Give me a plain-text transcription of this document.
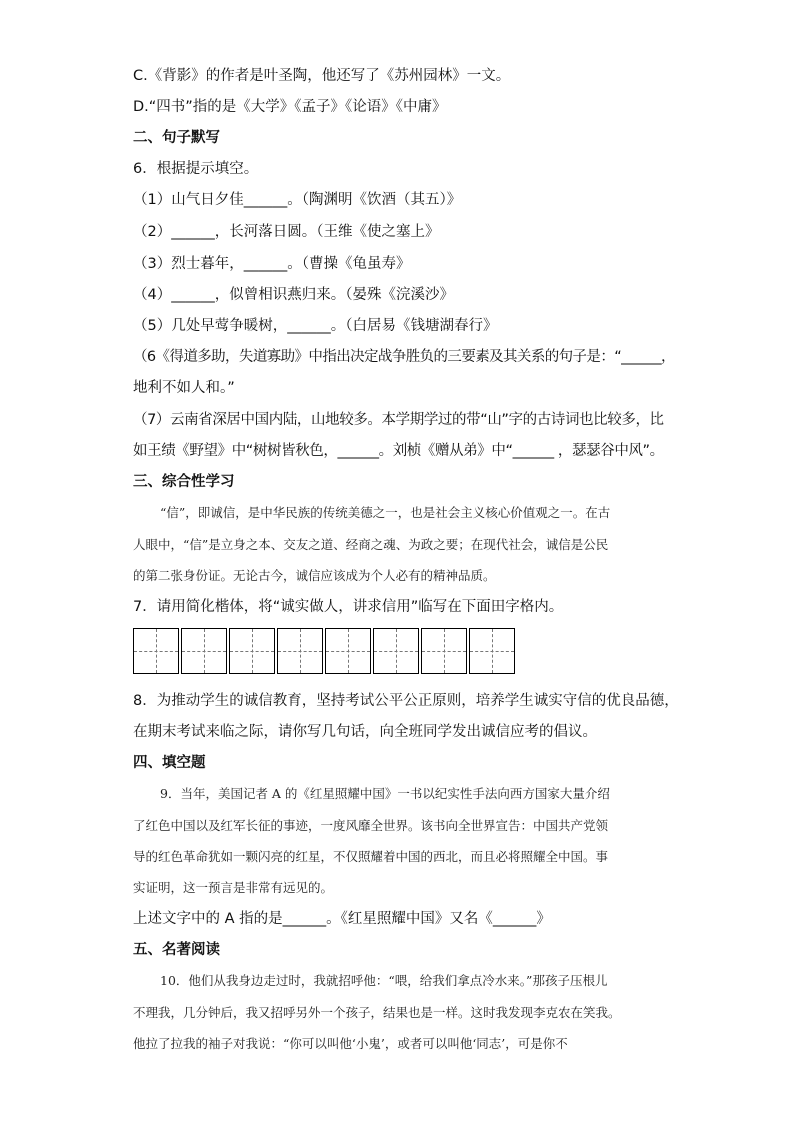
C.《背影》的作者是叶圣陶，他还写了《苏州园林》一文。
D.“四书”指的是《大学》《孟子》《论语》《中庸》
二、句子默写
6．根据提示填空。
（1）山气日夕佳______。（陶渊明《饮酒（其五）》
（2）______，长河落日圆。（王维《使之塞上》
（3）烈士暮年，______。（曹操《龟虽寿》
（4）______，似曾相识燕归来。（晏殊《浣溪沙》
（5）几处早莺争暖树，______。（白居易《钱塘湖春行》
（6《得道多助，失道寡助》中指出决定战争胜负的三要素及其关系的句子是：“______，
地利不如人和。”
（7）云南省深居中国内陆，山地较多。本学期学过的带“山”字的古诗词也比较多，比
如王绩《野望》中“树树皆秋色，______。刘桢《赠从弟》中“______ ，瑟瑟谷中风”。
三、综合性学习
“信”，即诚信，是中华民族的传统美德之一，也是社会主义核心价值观之一。在古
人眼中，“信”是立身之本、交友之道、经商之魂、为政之要；在现代社会，诚信是公民
的第二张身份证。无论古今，诚信应该成为个人必有的精神品质。
7．请用简化楷体，将“诚实做人，讲求信用”临写在下面田字格内。
8．为推动学生的诚信教育，坚持考试公平公正原则，培养学生诚实守信的优良品德，
在期末考试来临之际，请你写几句话，向全班同学发出诚信应考的倡议。
四、填空题
9．当年，美国记者 A 的《红星照耀中国》一书以纪实性手法向西方国家大量介绍
了红色中国以及红军长征的事迹，一度风靡全世界。该书向全世界宣告：中国共产党领
导的红色革命犹如一颗闪亮的红星，不仅照耀着中国的西北，而且必将照耀全中国。事
实证明，这一预言是非常有远见的。
上述文字中的 A 指的是______。《红星照耀中国》又名《______》
五、名著阅读
10．他们从我身边走过时，我就招呼他：“喂，给我们拿点冷水来。”那孩子压根儿
不理我，几分钟后，我又招呼另外一个孩子，结果也是一样。这时我发现李克农在笑我。
他拉了拉我的袖子对我说：“你可以叫他‘小鬼’，或者可以叫他‘同志’，可是你不
